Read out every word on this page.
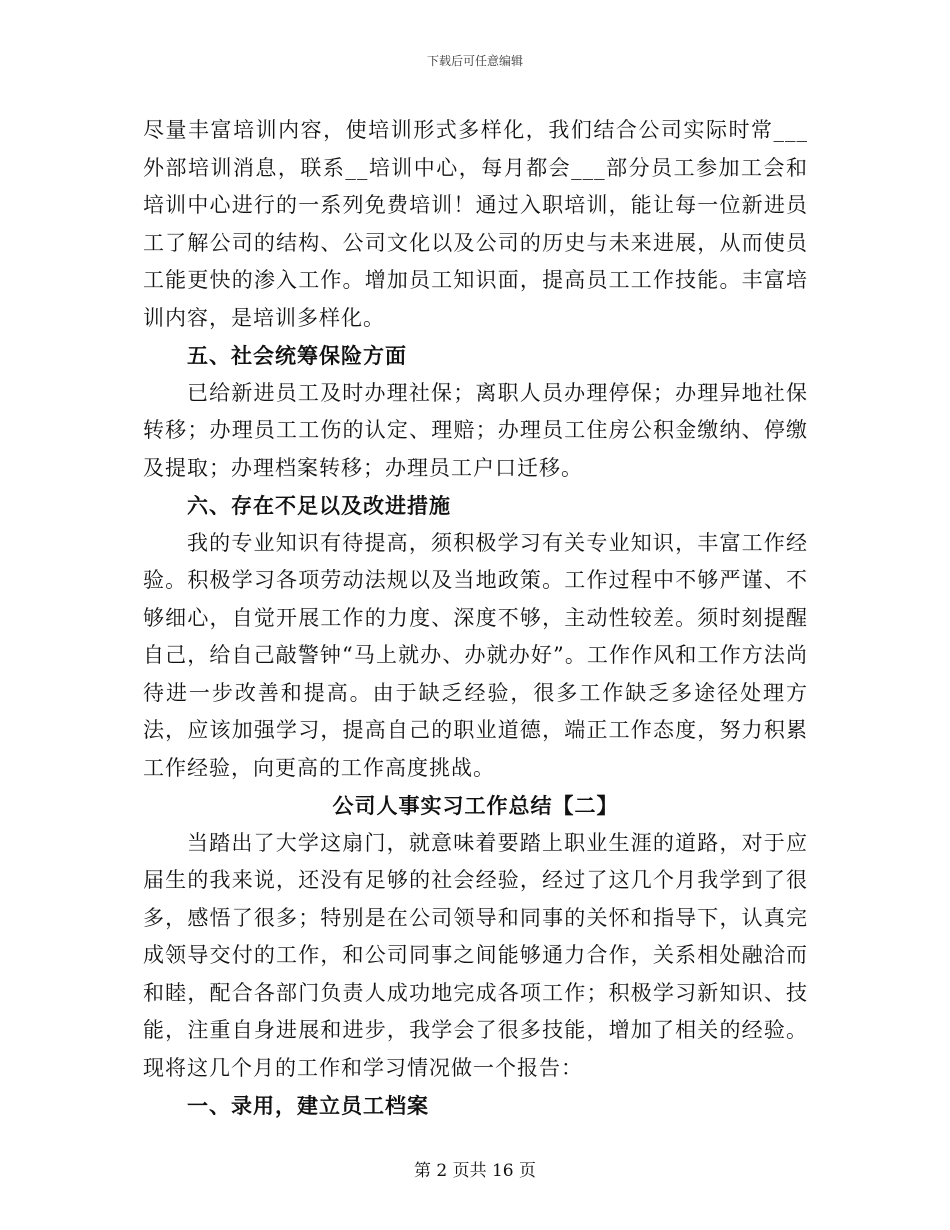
下载后可任意编辑

尽量丰富培训内容，使培训形式多样化，我们结合公司实际时常___外部培训消息，联系__培训中心，每月都会___部分员工参加工会和培训中心进行的一系列免费培训！通过入职培训，能让每一位新进员工了解公司的结构、公司文化以及公司的历史与未来进展，从而使员工能更快的渗入工作。增加员工知识面，提高员工工作技能。丰富培训内容，是培训多样化。

五、社会统筹保险方面

已给新进员工及时办理社保；离职人员办理停保；办理异地社保转移；办理员工工伤的认定、理赔；办理员工住房公积金缴纳、停缴及提取；办理档案转移；办理员工户口迁移。

六、存在不足以及改进措施

我的专业知识有待提高，须积极学习有关专业知识，丰富工作经验。积极学习各项劳动法规以及当地政策。工作过程中不够严谨、不够细心，自觉开展工作的力度、深度不够，主动性较差。须时刻提醒自己，给自己敲警钟“马上就办、办就办好”。工作作风和工作方法尚待进一步改善和提高。由于缺乏经验，很多工作缺乏多途径处理方法，应该加强学习，提高自己的职业道德，端正工作态度，努力积累工作经验，向更高的工作高度挑战。

公司人事实习工作总结【二】

当踏出了大学这扇门，就意味着要踏上职业生涯的道路，对于应届生的我来说，还没有足够的社会经验，经过了这几个月我学到了很多，感悟了很多；特别是在公司领导和同事的关怀和指导下，认真完成领导交付的工作，和公司同事之间能够通力合作，关系相处融洽而和睦，配合各部门负责人成功地完成各项工作；积极学习新知识、技能，注重自身进展和进步，我学会了很多技能，增加了相关的经验。现将这几个月的工作和学习情况做一个报告：

一、录用，建立员工档案

第 2 页共 16 页
